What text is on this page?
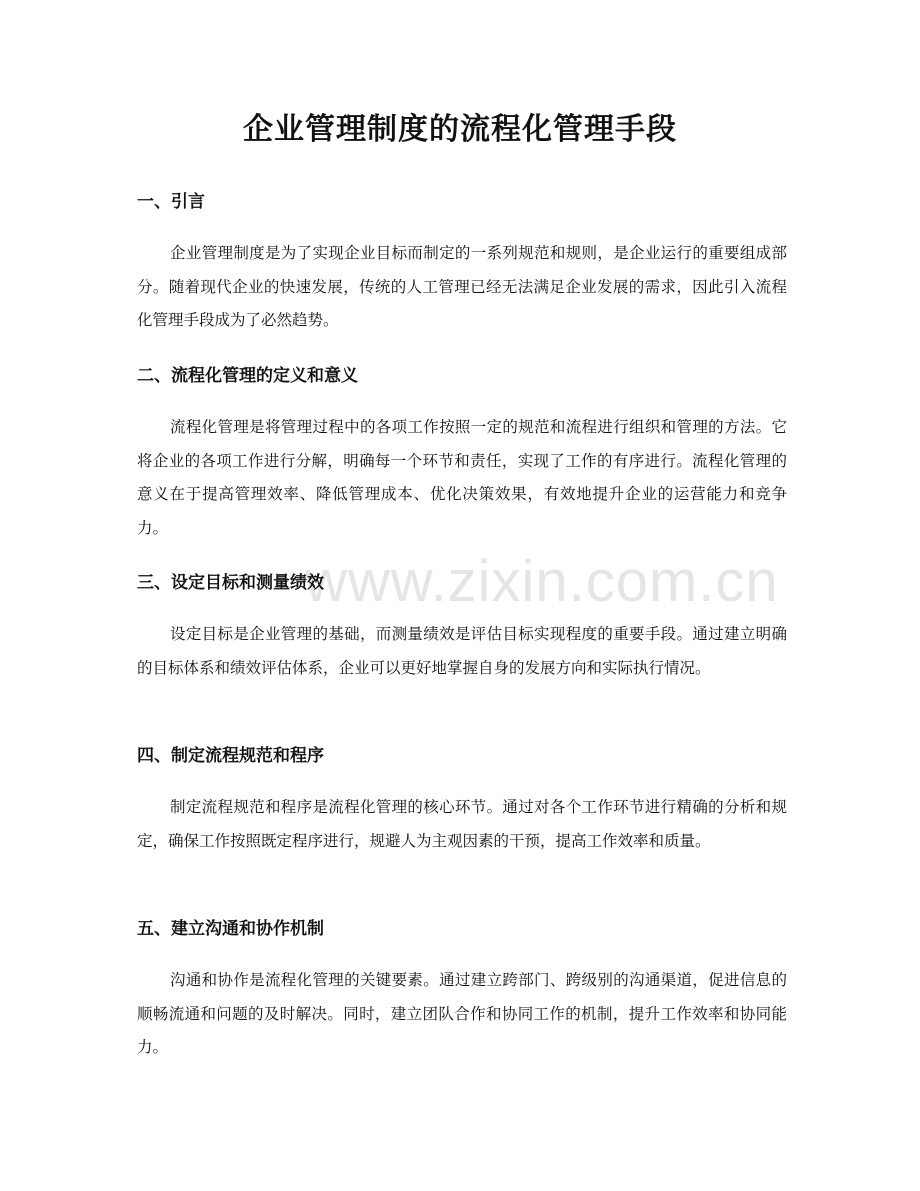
企业管理制度的流程化管理手段
www.zixin.com.cn
一、引言

企业管理制度是为了实现企业目标而制定的一系列规范和规则，是企业运行的重要组成部分。随着现代企业的快速发展，传统的人工管理已经无法满足企业发展的需求，因此引入流程化管理手段成为了必然趋势。

二、流程化管理的定义和意义

流程化管理是将管理过程中的各项工作按照一定的规范和流程进行组织和管理的方法。它将企业的各项工作进行分解，明确每一个环节和责任，实现了工作的有序进行。流程化管理的意义在于提高管理效率、降低管理成本、优化决策效果，有效地提升企业的运营能力和竞争力。

三、设定目标和测量绩效

设定目标是企业管理的基础，而测量绩效是评估目标实现程度的重要手段。通过建立明确的目标体系和绩效评估体系，企业可以更好地掌握自身的发展方向和实际执行情况。

四、制定流程规范和程序

制定流程规范和程序是流程化管理的核心环节。通过对各个工作环节进行精确的分析和规定，确保工作按照既定程序进行，规避人为主观因素的干预，提高工作效率和质量。

五、建立沟通和协作机制

沟通和协作是流程化管理的关键要素。通过建立跨部门、跨级别的沟通渠道，促进信息的顺畅流通和问题的及时解决。同时，建立团队合作和协同工作的机制，提升工作效率和协同能力。
